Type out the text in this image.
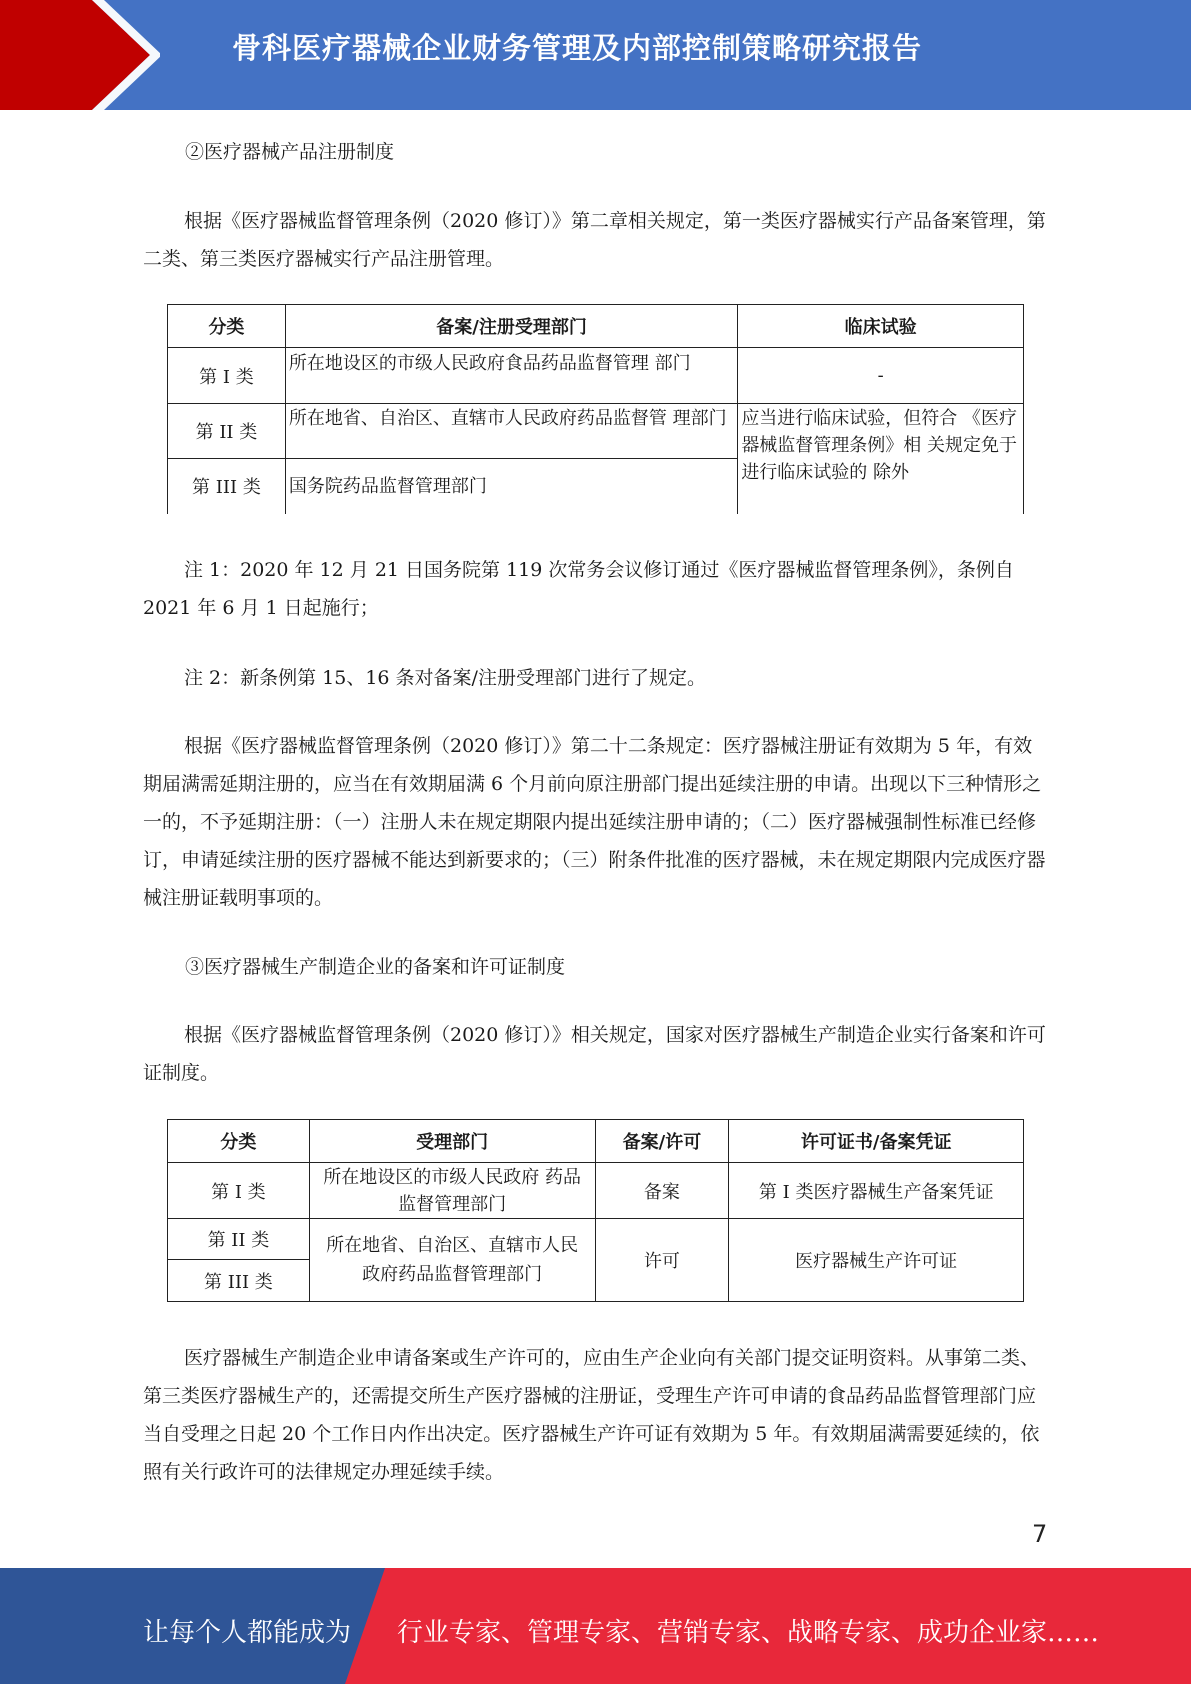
骨科医疗器械企业财务管理及内部控制策略研究报告

②医疗器械产品注册制度

根据《医疗器械监督管理条例（2020 修订）》第二章相关规定，第一类医疗器械实行产品备案管理，第二类、第三类医疗器械实行产品注册管理。

分类	备案/注册受理部门	临床试验
第 I 类	所在地设区的市级人民政府食品药品监督管理 部门	-
第 II 类	所在地省、自治区、直辖市人民政府药品监督管 理部门	应当进行临床试验，但符合 《医疗器械监督管理条例》相 关规定免于进行临床试验的 除外
第 III 类	国务院药品监督管理部门	

注 1：2020 年 12 月 21 日国务院第 119 次常务会议修订通过《医疗器械监督管理条例》，条例自 2021 年 6 月 1 日起施行；

注 2：新条例第 15、16 条对备案/注册受理部门进行了规定。

根据《医疗器械监督管理条例（2020 修订）》第二十二条规定：医疗器械注册证有效期为 5 年，有效期届满需延期注册的，应当在有效期届满 6 个月前向原注册部门提出延续注册的申请。出现以下三种情形之一的，不予延期注册：（一）注册人未在规定期限内提出延续注册申请的；（二）医疗器械强制性标准已经修订，申请延续注册的医疗器械不能达到新要求的；（三）附条件批准的医疗器械，未在规定期限内完成医疗器械注册证载明事项的。

③医疗器械生产制造企业的备案和许可证制度

根据《医疗器械监督管理条例（2020 修订）》相关规定，国家对医疗器械生产制造企业实行备案和许可证制度。

分类	受理部门	备案/许可	许可证书/备案凭证
第 I 类	所在地设区的市级人民政府 药品监督管理部门	备案	第 I 类医疗器械生产备案凭证
第 II 类	所在地省、自治区、直辖市人民政府药品监督管理部门	许可	医疗器械生产许可证
第 III 类			

医疗器械生产制造企业申请备案或生产许可的，应由生产企业向有关部门提交证明资料。从事第二类、第三类医疗器械生产的，还需提交所生产医疗器械的注册证，受理生产许可申请的食品药品监督管理部门应当自受理之日起 20 个工作日内作出决定。医疗器械生产许可证有效期为 5 年。有效期届满需要延续的，依照有关行政许可的法律规定办理延续手续。

7
让每个人都能成为 行业专家、管理专家、营销专家、战略专家、成功企业家……
